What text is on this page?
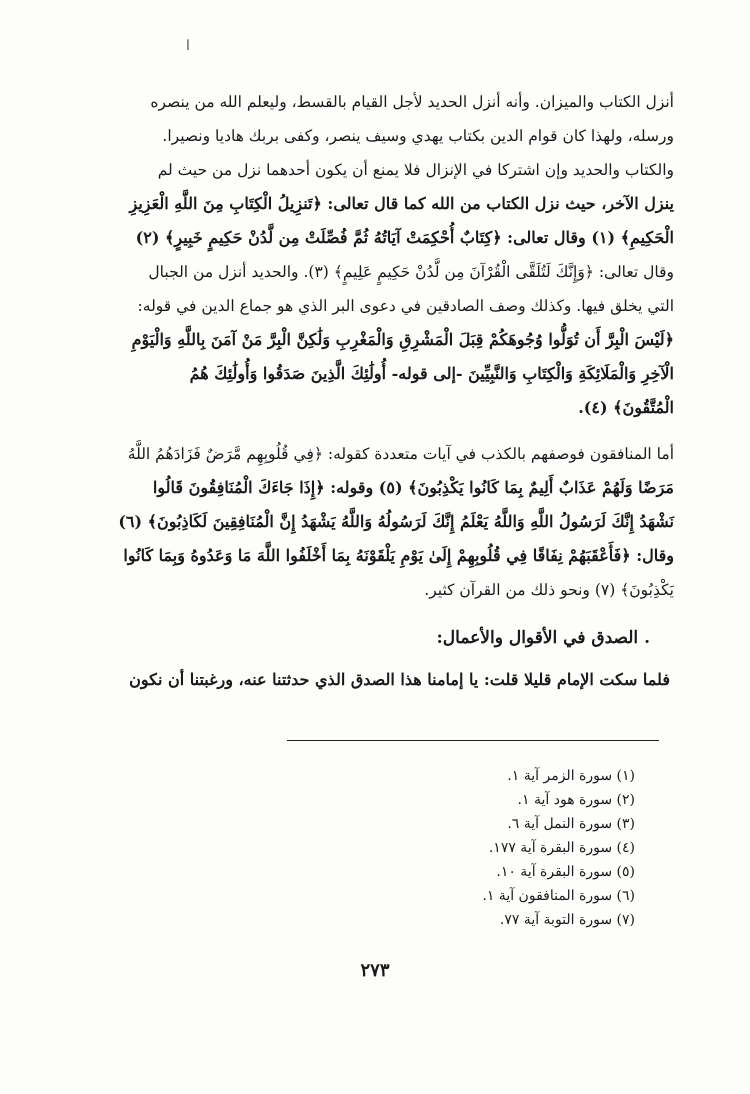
ا
أنزل الكتاب والميزان. وأنه أنزل الحديد لأجل القيام بالقسط، وليعلم الله من ينصره
ورسله، ولهذا كان قوام الدين بكتاب يهدي وسيف ينصر، وكفى بربك هاديا ونصيرا.
والكتاب والحديد وإن اشتركا في الإنزال فلا يمنع أن يكون أحدهما نزل من حيث لم
ينزل الآخر، حيث نزل الكتاب من الله كما قال تعالى: ﴿تَنزِيلُ الْكِتَابِ مِنَ اللَّهِ الْعَزِيزِ
الْحَكِيمِ﴾ (١) وقال تعالى: ﴿كِتَابٌ أُحْكِمَتْ آيَاتُهُ ثُمَّ فُصِّلَتْ مِن لَّدُنْ حَكِيمٍ خَبِيرٍ﴾ (٢)
وقال تعالى: ﴿وَإِنَّكَ لَتُلَقَّى الْقُرْآنَ مِن لَّدُنْ حَكِيمٍ عَلِيمٍ﴾ (٣). والحديد أنزل من الجبال
التي يخلق فيها. وكذلك وصف الصادقين في دعوى البر الذي هو جماع الدين في قوله:
﴿لَيْسَ الْبِرَّ أَن تُوَلُّوا وُجُوهَكُمْ قِبَلَ الْمَشْرِقِ وَالْمَغْرِبِ وَلَٰكِنَّ الْبِرَّ مَنْ آمَنَ بِاللَّهِ وَالْيَوْمِ
الْآخِرِ وَالْمَلَائِكَةِ وَالْكِتَابِ وَالنَّبِيِّينَ -إلى قوله- أُولَٰئِكَ الَّذِينَ صَدَقُوا وَأُولَٰئِكَ هُمُ
الْمُتَّقُونَ﴾ (٤).
أما المنافقون فوصفهم بالكذب في آيات متعددة كقوله: ﴿فِي قُلُوبِهِم مَّرَضٌ فَزَادَهُمُ اللَّهُ
مَرَضًا وَلَهُمْ عَذَابٌ أَلِيمٌ بِمَا كَانُوا يَكْذِبُونَ﴾ (٥) وقوله: ﴿إِذَا جَاءَكَ الْمُنَافِقُونَ قَالُوا
نَشْهَدُ إِنَّكَ لَرَسُولُ اللَّهِ وَاللَّهُ يَعْلَمُ إِنَّكَ لَرَسُولُهُ وَاللَّهُ يَشْهَدُ إِنَّ الْمُنَافِقِينَ لَكَاذِبُونَ﴾ (٦)
وقال: ﴿فَأَعْقَبَهُمْ نِفَاقًا فِي قُلُوبِهِمْ إِلَىٰ يَوْمِ يَلْقَوْنَهُ بِمَا أَخْلَفُوا اللَّهَ مَا وَعَدُوهُ وَبِمَا كَانُوا
يَكْذِبُونَ﴾ (٧) ونحو ذلك من القرآن كثير.
. الصدق في الأقوال والأعمال:
فلما سكت الإمام قليلا قلت: يا إمامنا هذا الصدق الذي حدثتنا عنه، ورغبتنا أن نكون
(١) سورة الزمر آية ١.
(٢) سورة هود آية ١.
(٣) سورة النمل آية ٦.
(٤) سورة البقرة آية ١٧٧.
(٥) سورة البقرة آية ١٠.
(٦) سورة المنافقون آية ١.
(٧) سورة التوبة آية ٧٧.
٢٧٣
